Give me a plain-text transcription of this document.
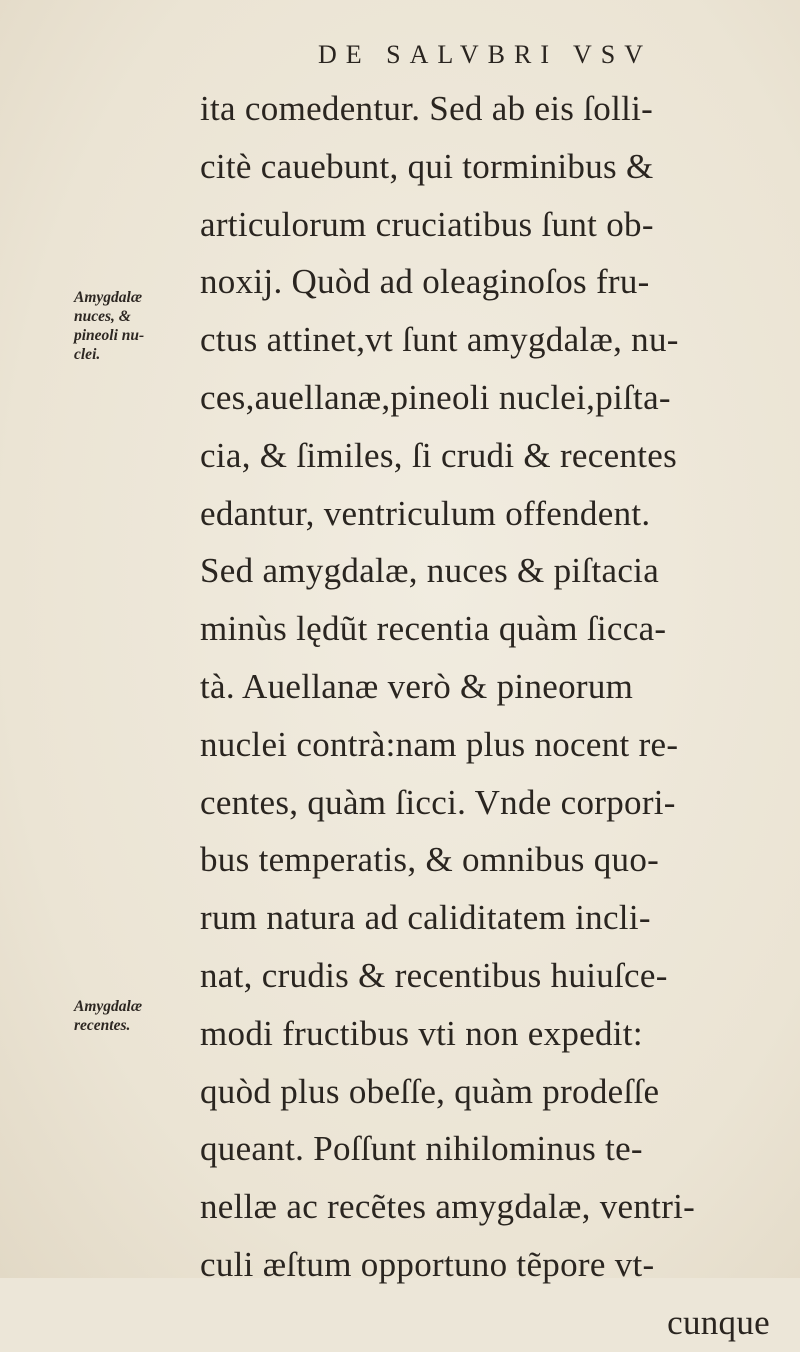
DE SALVBRI VSV
ita comedentur. Sed ab eis ſolli-
citè cauebunt, qui torminibus &
articulorum cruciatibus ſunt ob-
noxij. Quòd ad oleaginoſos fru-
ctus attinet,vt ſunt amygdalæ, nu-
ces,auellanæ,pineoli nuclei,piſta-
cia, & ſimiles, ſi crudi & recentes
edantur, ventriculum offendent.
Sed amygdalæ, nuces & piſtacia
minùs lędũt recentia quàm ſicca-
tà. Auellanæ verò & pineorum
nuclei contrà:nam plus nocent re-
centes, quàm ſicci. Vnde corpori-
bus temperatis, & omnibus quo-
rum natura ad caliditatem incli-
nat, crudis & recentibus huiuſce-
modi fructibus vti non expedit:
quòd plus obeſſe, quàm prodeſſe
queant. Poſſunt nihilominus te-
nellæ ac recẽtes amygdalæ, ventri-
culi æſtum opportuno tẽpore vt-
cunque
Amygdalæ
nuces, &
pineoli nu-
clei.
Amygdalæ
recentes.
